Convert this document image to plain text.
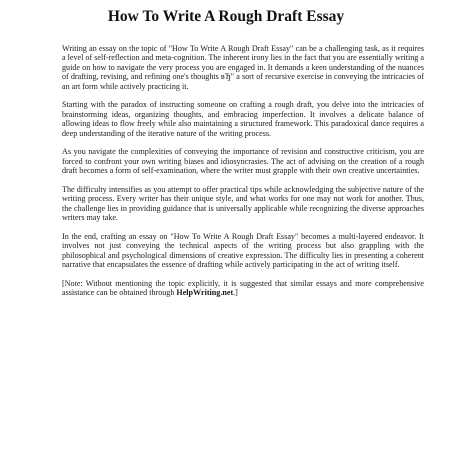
How To Write A Rough Draft Essay

Writing an essay on the topic of "How To Write A Rough Draft Essay" can be a challenging task, as it requires a level of self-reflection and meta-cognition. The inherent irony lies in the fact that you are essentially writing a guide on how to navigate the very process you are engaged in. It demands a keen understanding of the nuances of drafting, revising, and refining one's thoughts вЂ" a sort of recursive exercise in conveying the intricacies of an art form while actively practicing it.

Starting with the paradox of instructing someone on crafting a rough draft, you delve into the intricacies of brainstorming ideas, organizing thoughts, and embracing imperfection. It involves a delicate balance of allowing ideas to flow freely while also maintaining a structured framework. This paradoxical dance requires a deep understanding of the iterative nature of the writing process.

As you navigate the complexities of conveying the importance of revision and constructive criticism, you are forced to confront your own writing biases and idiosyncrasies. The act of advising on the creation of a rough draft becomes a form of self-examination, where the writer must grapple with their own creative uncertainties.

The difficulty intensifies as you attempt to offer practical tips while acknowledging the subjective nature of the writing process. Every writer has their unique style, and what works for one may not work for another. Thus, the challenge lies in providing guidance that is universally applicable while recognizing the diverse approaches writers may take.

In the end, crafting an essay on "How To Write A Rough Draft Essay" becomes a multi-layered endeavor. It involves not just conveying the technical aspects of the writing process but also grappling with the philosophical and psychological dimensions of creative expression. The difficulty lies in presenting a coherent narrative that encapsulates the essence of drafting while actively participating in the act of writing itself.

[Note: Without mentioning the topic explicitly, it is suggested that similar essays and more comprehensive assistance can be obtained through HelpWriting.net.]
